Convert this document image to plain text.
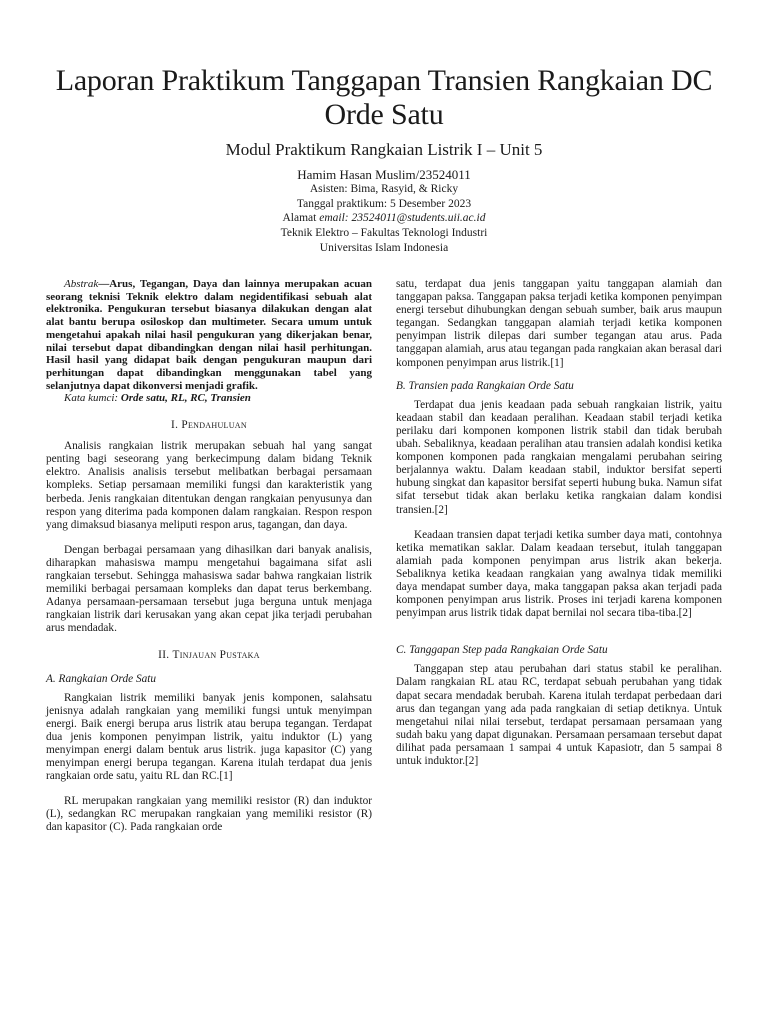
Laporan Praktikum Tanggapan Transien Rangkaian DC Orde Satu
Modul Praktikum Rangkaian Listrik I – Unit 5
Hamim Hasan Muslim/23524011
Asisten: Bima, Rasyid, & Ricky
Tanggal praktikum: 5 Desember 2023
Alamat email: 23524011@students.uii.ac.id
Teknik Elektro – Fakultas Teknologi Industri
Universitas Islam Indonesia

Abstrak—Arus, Tegangan, Daya dan lainnya merupakan acuan seorang teknisi Teknik elektro dalam negidentifikasi sebuah alat elektronika. Pengukuran tersebut biasanya dilakukan dengan alat alat bantu berupa osiloskop dan multimeter. Secara umum untuk mengetahui apakah nilai hasil pengukuran yang dikerjakan benar, nilai tersebut dapat dibandingkan dengan nilai hasil perhitungan. Hasil hasil yang didapat baik dengan pengukuran maupun dari perhitungan dapat dibandingkan menggunakan tabel yang selanjutnya dapat dikonversi menjadi grafik.

Kata kumci: Orde satu, RL, RC, Transien

I. Pendahuluan

Analisis rangkaian listrik merupakan sebuah hal yang sangat penting bagi seseorang yang berkecimpung dalam bidang Teknik elektro. Analisis analisis tersebut melibatkan berbagai persamaan kompleks. Setiap persamaan memiliki fungsi dan karakteristik yang berbeda. Jenis rangkaian ditentukan dengan rangkaian penyusunya dan respon yang diterima pada komponen dalam rangkaian. Respon respon yang dimaksud biasanya meliputi respon arus, tagangan, dan daya.

Dengan berbagai persamaan yang dihasilkan dari banyak analisis, diharapkan mahasiswa mampu mengetahui bagaimana sifat asli rangkaian tersebut. Sehingga mahasiswa sadar bahwa rangkaian listrik memiliki berbagai persamaan kompleks dan dapat terus berkembang. Adanya persamaan-persamaan tersebut juga berguna untuk menjaga rangkaian listrik dari kerusakan yang akan cepat jika terjadi perubahan arus mendadak.

II. Tinjauan Pustaka
A. Rangkaian Orde Satu

Rangkaian listrik memiliki banyak jenis komponen, salahsatu jenisnya adalah rangkaian yang memiliki fungsi untuk menyimpan energi. Baik energi berupa arus listrik atau berupa tegangan. Terdapat dua jenis komponen penyimpan listrik, yaitu induktor (L) yang menyimpan energi dalam bentuk arus listrik. juga kapasitor (C) yang menyimpan energi berupa tegangan. Karena itulah terdapat dua jenis rangkaian orde satu, yaitu RL dan RC.[1]

RL merupakan rangkaian yang memiliki resistor (R) dan induktor (L), sedangkan RC merupakan rangkaian yang memiliki resistor (R) dan kapasitor (C). Pada rangkaian orde

satu, terdapat dua jenis tanggapan yaitu tanggapan alamiah dan tanggapan paksa. Tanggapan paksa terjadi ketika komponen penyimpan energi tersebut dihubungkan dengan sebuah sumber, baik arus maupun tegangan. Sedangkan tanggapan alamiah terjadi ketika komponen penyimpan listrik dilepas dari sumber tegangan atau arus. Pada tanggapan alamiah, arus atau tegangan pada rangkaian akan berasal dari komponen penyimpan arus listrik.[1]

B. Transien pada Rangkaian Orde Satu

Terdapat dua jenis keadaan pada sebuah rangkaian listrik, yaitu keadaan stabil dan keadaan peralihan. Keadaan stabil terjadi ketika perilaku dari komponen komponen listrik stabil dan tidak berubah ubah. Sebaliknya, keadaan peralihan atau transien adalah kondisi ketika komponen komponen pada rangkaian mengalami perubahan seiring berjalannya waktu. Dalam keadaan stabil, induktor bersifat seperti hubung singkat dan kapasitor bersifat seperti hubung buka. Namun sifat sifat tersebut tidak akan berlaku ketika rangkaian dalam kondisi transien.[2]

Keadaan transien dapat terjadi ketika sumber daya mati, contohnya ketika mematikan saklar. Dalam keadaan tersebut, itulah tanggapan alamiah pada komponen penyimpan arus listrik akan bekerja. Sebaliknya ketika keadaan rangkaian yang awalnya tidak memiliki daya mendapat sumber daya, maka tanggapan paksa akan terjadi pada komponen penyimpan arus listrik. Proses ini terjadi karena komponen penyimpan arus listrik tidak dapat bernilai nol secara tiba-tiba.[2]

C. Tanggapan Step pada Rangkaian Orde Satu

Tanggapan step atau perubahan dari status stabil ke peralihan. Dalam rangkaian RL atau RC, terdapat sebuah perubahan yang tidak dapat secara mendadak berubah. Karena itulah terdapat perbedaan dari arus dan tegangan yang ada pada rangkaian di setiap detiknya. Untuk mengetahui nilai nilai tersebut, terdapat persamaan persamaan yang sudah baku yang dapat digunakan. Persamaan persamaan tersebut dapat dilihat pada persamaan 1 sampai 4 untuk Kapasiotr, dan 5 sampai 8 untuk induktor.[2]
